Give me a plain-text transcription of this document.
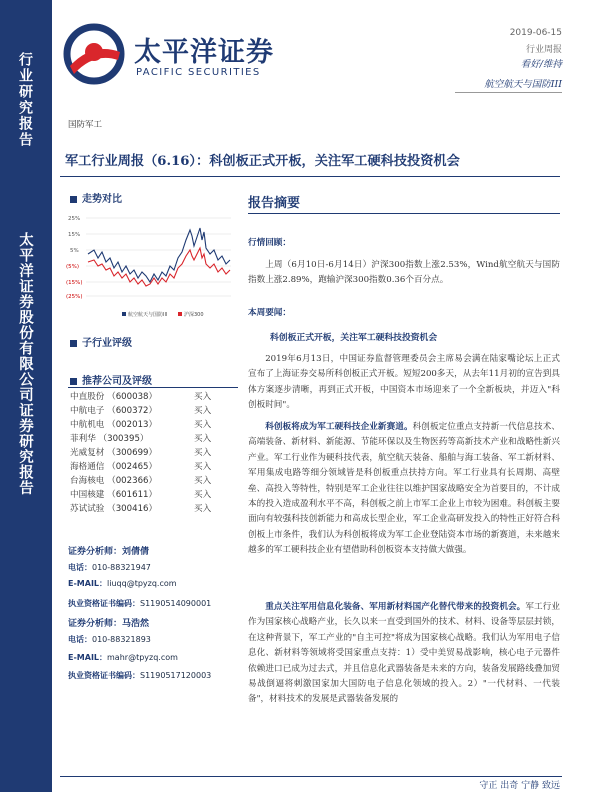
行业研究报告
太平洋证券股份有限公司证券研究报告
太平洋证券
PACIFIC SECURITIES
2019-06-15
行业周报
看好/维持
航空航天与国防III
国防军工
军工行业周报（6.16）：科创板正式开板，关注军工硬科技投资机会
走势对比
25%
15%
5%
(5%)
(15%)
(25%)
航空航天与国防III	沪深300
子行业评级
推荐公司及评级
中直股份 （600038）	买入
中航电子 （600372）	买入
中航机电 （002013）	买入
菲利华 （300395）	买入
光威复材 （300699）	买入
海格通信 （002465）	买入
台海核电 （002366）	买入
中国核建 （601611）	买入
苏试试验 （300416）	买入
证券分析师：刘倩倩
电话：010-88321947
E-MAIL：liuqq@tpyzq.com
执业资格证书编码：S1190514090001
证券分析师：马浩然
电话：010-88321893
E-MAIL：mahr@tpyzq.com
执业资格证书编码：S1190517120003
报告摘要
行情回顾：
上周（6月10日-6月14日）沪深300指数上涨2.53%，Wind航空航天与国防指数上涨2.89%，跑输沪深300指数0.36个百分点。
本周要闻：
科创板正式开板，关注军工硬科技投资机会
2019年6月13日，中国证券监督管理委员会主席易会满在陆家嘴论坛上正式宣布了上海证券交易所科创板正式开板。短短200多天，从去年11月初的宣告到具体方案逐步清晰，再到正式开板，中国资本市场迎来了一个全新板块，并迈入"科创板时间"。
科创板将成为军工硬科技企业新赛道。科创板定位重点支持新一代信息技术、高端装备、新材料、新能源、节能环保以及生物医药等高新技术产业和战略性新兴产业。军工行业作为硬科技代表，航空航天装备、船舶与海工装备、军工新材料、军用集成电路等细分领域皆是科创板重点扶持方向。军工行业具有长周期、高壁垒、高投入等特性，特别是军工企业往往以维护国家战略安全为首要目的，不计成本的投入造成盈利水平不高，科创板之前上市军工企业上市较为困难。科创板主要面向有较强科技创新能力和高成长型企业，军工企业高研发投入的特性正好符合科创板上市条件，我们认为科创板将成为军工企业登陆资本市场的新赛道，未来越来越多的军工硬科技企业有望借助科创板资本支持做大做强。
重点关注军用信息化装备、军用新材料国产化替代带来的投资机会。军工行业作为国家核心战略产业，长久以来一直受到国外的技术、材料、设备等层层封锁，在这种背景下，军工产业的"自主可控"将成为国家核心战略。我们认为军用电子信息化、新材料等领域将受国家重点支持：1）受中美贸易战影响，核心电子元器件依赖进口已成为过去式，并且信息化武器装备是未来的方向，装备发展路线叠加贸易战倒逼将刺激国家加大国防电子信息化领域的投入。2）"一代材料、一代装备"，材料技术的发展是武器装备发展的
守正 出奇 宁静 致远
